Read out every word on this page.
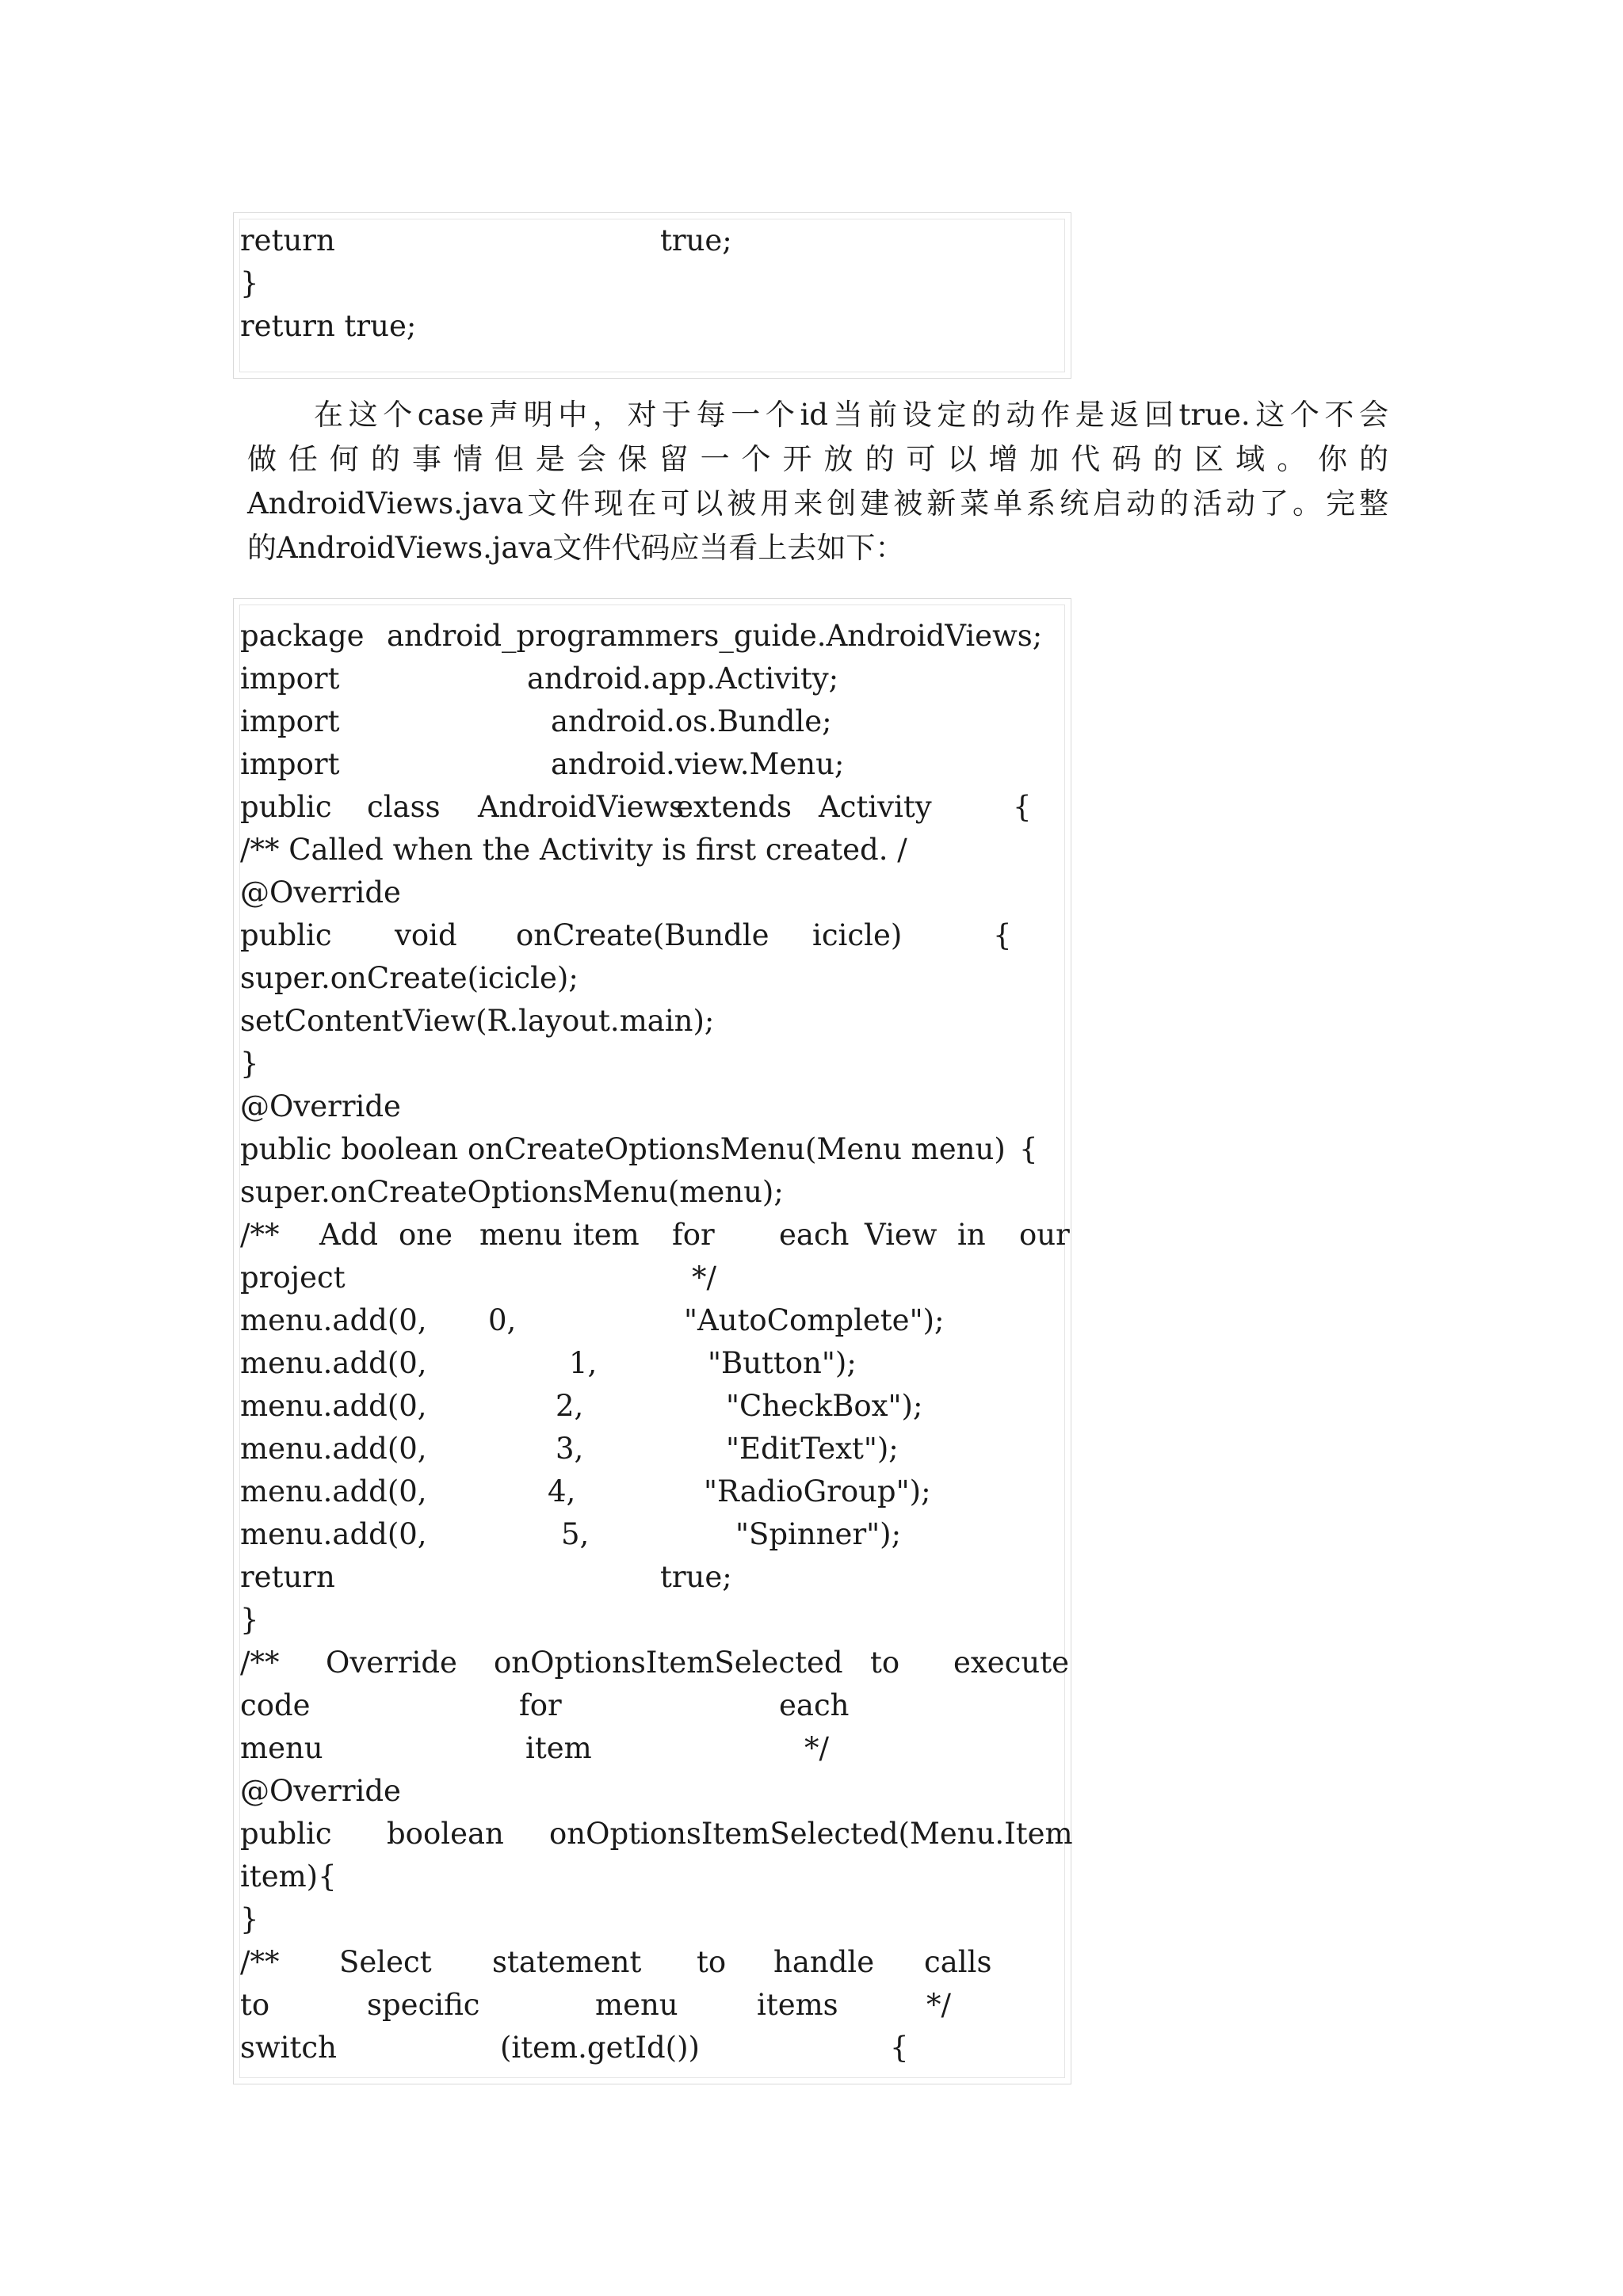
return	true;
}
return true;
在这个case声明中，对于每一个id当前设定的动作是返回true.这个不会
做任何的事情但是会保留一个开放的可以增加代码的区域。你的
AndroidViews.java文件现在可以被用来创建被新菜单系统启动的活动了。完整
的AndroidViews.java文件代码应当看上去如下：
package android_programmers_guide.AndroidViews;
import	android.app.Activity;
import	android.os.Bundle;
import	android.view.Menu;
public class AndroidViews
extends Activity	{
/** Called when the Activity is first created. /
@Override
public void onCreate(Bundle icicle)	{
super.onCreate(icicle);
setContentView(R.layout.main);
}
@Override
public boolean onCreateOptionsMenu(Menu menu) {
super.onCreateOptionsMenu(menu);
/** Add one menu item for each View in our
project	*/
menu.add(0, 0,	"AutoComplete");
menu.add(0,	1,	"Button");
menu.add(0,	2,	"CheckBox");
menu.add(0,	3,	"EditText");
menu.add(0,	4,	"RadioGroup");
menu.add(0,	5,	"Spinner");
return	true;
}
/** Override onOptionsItemSelected to execute
code	for	each
menu	item	*/
@Override
public boolean onOptionsItemSelected(Menu.Item
item){
}
/** Select statement to handle calls
to	specific	menu	items	*/
switch	(item.getId())	{
